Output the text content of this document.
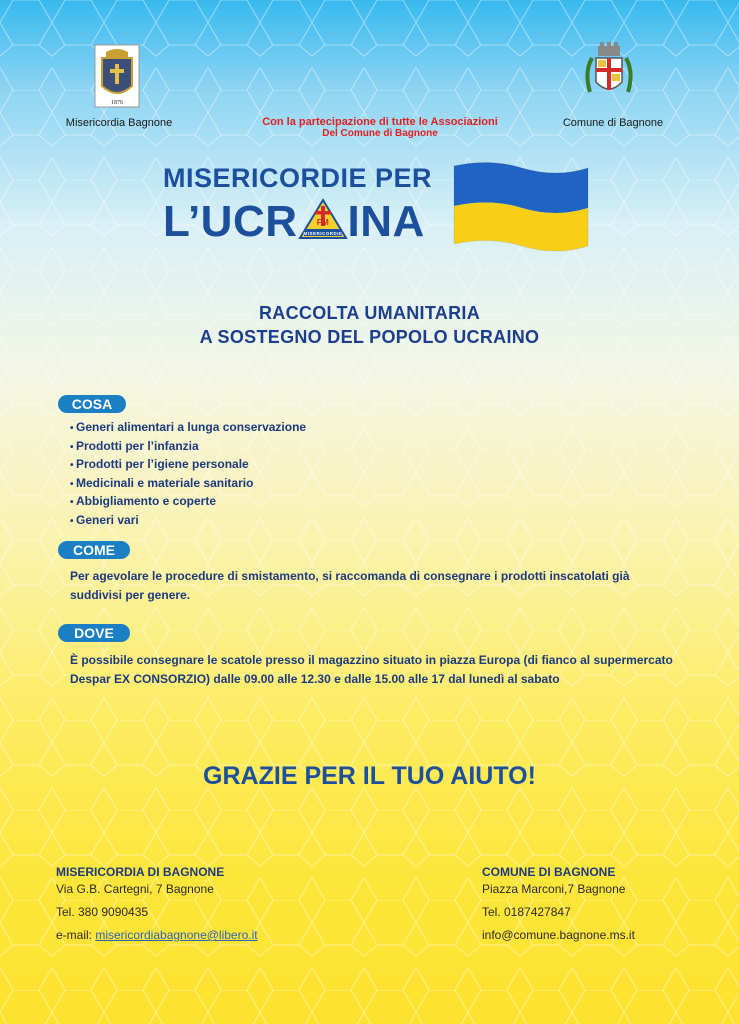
1876
Misericordia Bagnone	Con la partecipazione di tutte le Associazioni
Del Comune di Bagnone
Comune di Bagnone
MISERICORDIE PER
L’UCR FM
MISERICORDIE INA
RACCOLTA UMANITARIA
A SOSTEGNO DEL POPOLO UCRAINO
COSA
• Generi alimentari a lunga conservazione
• Prodotti per l’infanzia
• Prodotti per l’igiene personale
• Medicinali e materiale sanitario
• Abbigliamento e coperte
• Generi vari
COME
Per agevolare le procedure di smistamento, si raccomanda di consegnare i prodotti inscatolati già suddivisi per genere.
DOVE
È possibile consegnare le scatole presso il magazzino situato in piazza Europa (di fianco al supermercato Despar EX CONSORZIO) dalle 09.00 alle 12.30 e dalle 15.00 alle 17 dal lunedì al sabato
GRAZIE PER IL TUO AIUTO!
MISERICORDIA DI BAGNONE
Via G.B. Cartegni, 7 Bagnone
Tel. 380 9090435
e-mail: misericordiabagnone@libero.it
COMUNE DI BAGNONE
Piazza Marconi,7 Bagnone
Tel. 0187427847
info@comune.bagnone.ms.it
